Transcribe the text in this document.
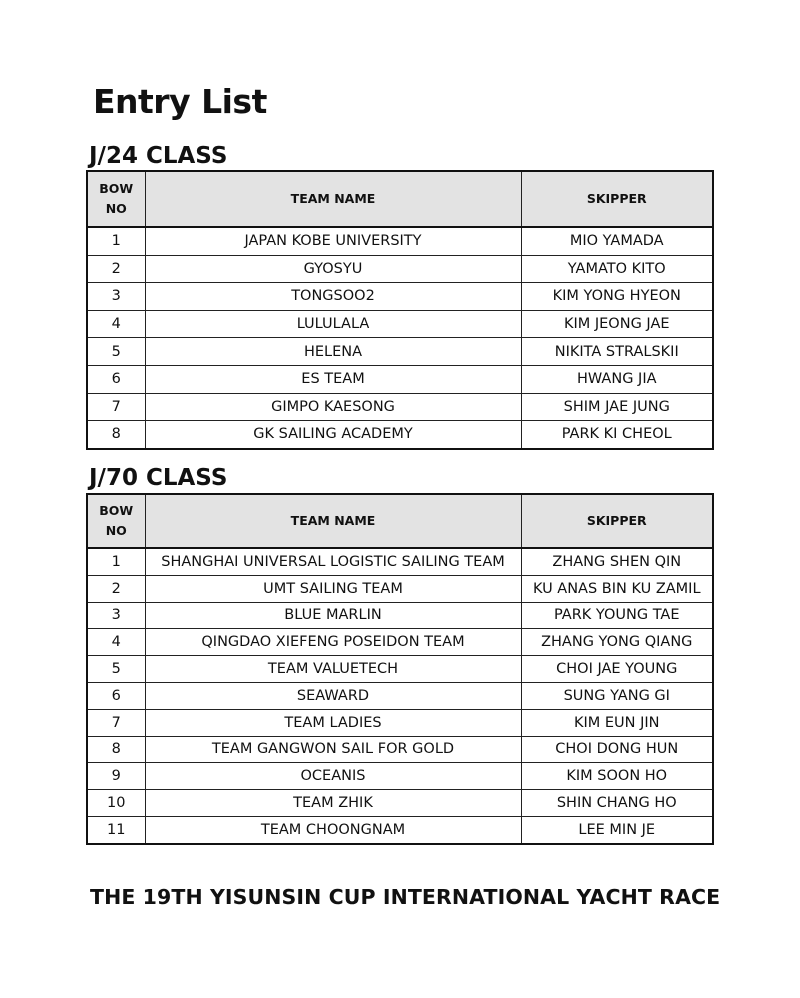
Entry List
J/24 CLASS
BOW
NO	TEAM NAME	SKIPPER
1	JAPAN KOBE UNIVERSITY	MIO YAMADA
2	GYOSYU	YAMATO KITO
3	TONGSOO2	KIM YONG HYEON
4	LULULALA	KIM JEONG JAE
5	HELENA	NIKITA STRALSKII
6	ES TEAM	HWANG JIA
7	GIMPO KAESONG	SHIM JAE JUNG
8	GK SAILING ACADEMY	PARK KI CHEOL
J/70 CLASS
BOW
NO	TEAM NAME	SKIPPER
1	SHANGHAI UNIVERSAL LOGISTIC SAILING TEAM	ZHANG SHEN QIN
2	UMT SAILING TEAM	KU ANAS BIN KU ZAMIL
3	BLUE MARLIN	PARK YOUNG TAE
4	QINGDAO XIEFENG POSEIDON TEAM	ZHANG YONG QIANG
5	TEAM VALUETECH	CHOI JAE YOUNG
6	SEAWARD	SUNG YANG GI
7	TEAM LADIES	KIM EUN JIN
8	TEAM GANGWON SAIL FOR GOLD	CHOI DONG HUN
9	OCEANIS	KIM SOON HO
10	TEAM ZHIK	SHIN CHANG HO
11	TEAM CHOONGNAM	LEE MIN JE

THE 19TH YISUNSIN CUP INTERNATIONAL YACHT RACE
